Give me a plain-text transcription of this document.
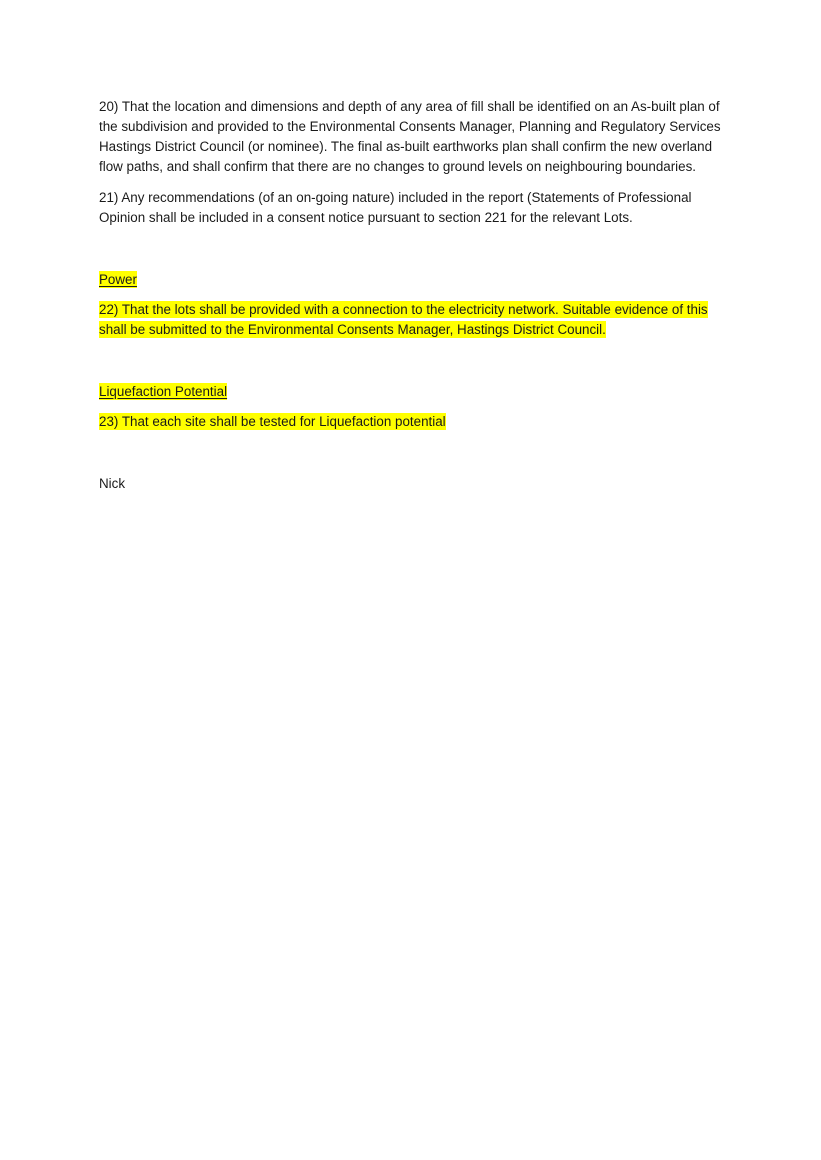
20) That the location and dimensions and depth of any area of fill shall be identified on an As-built plan of the subdivision and provided to the Environmental Consents Manager, Planning and Regulatory Services Hastings District Council (or nominee). The final as-built earthworks plan shall confirm the new overland flow paths, and shall confirm that there are no changes to ground levels on neighbouring boundaries.

21) Any recommendations (of an on-going nature) included in the report (Statements of Professional Opinion shall be included in a consent notice pursuant to section 221 for the relevant Lots.

Power

22) That the lots shall be provided with a connection to the electricity network. Suitable evidence of this shall be submitted to the Environmental Consents Manager, Hastings District Council.

Liquefaction Potential

23) That each site shall be tested for Liquefaction potential

Nick
